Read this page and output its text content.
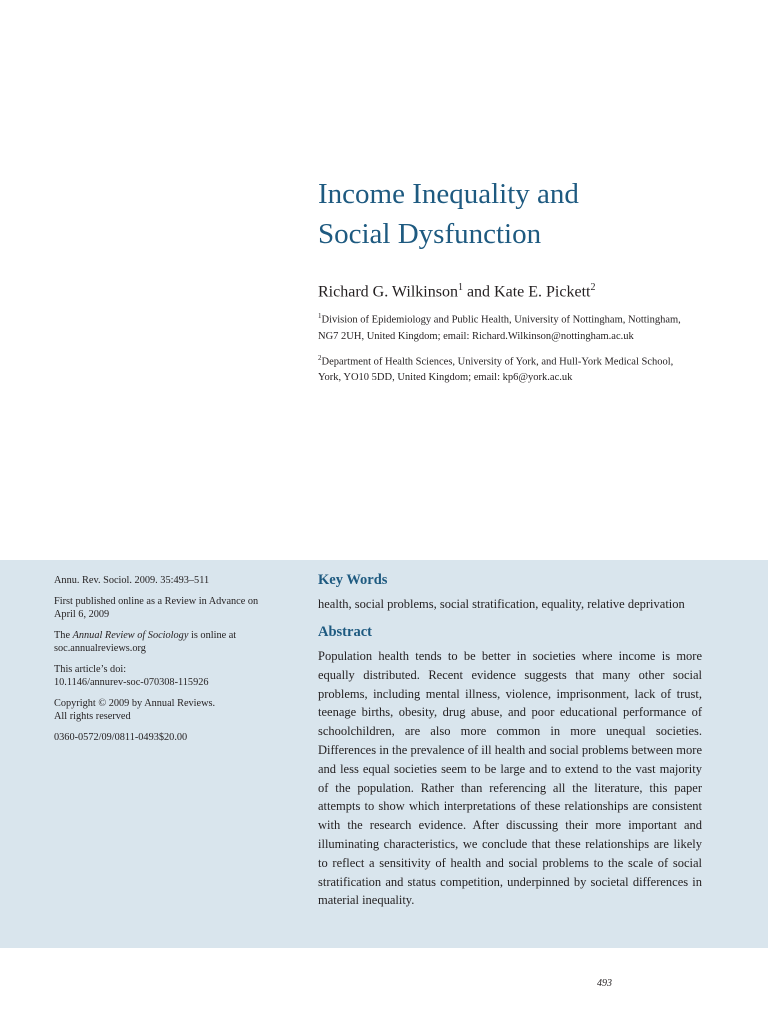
Income Inequality and
Social Dysfunction
Richard G. Wilkinson$^1$ and Kate E. Pickett$^2$

$^1$Division of Epidemiology and Public Health, University of Nottingham, Nottingham, NG7 2UH, United Kingdom; email: Richard.Wilkinson@nottingham.ac.uk

$^2$Department of Health Sciences, University of York, and Hull-York Medical School, York, YO10 5DD, United Kingdom; email: kp6@york.ac.uk

Annu. Rev. Sociol. 2009. 35:493–511

First published online as a Review in Advance on April 6, 2009

The Annual Review of Sociology is online at soc.annualreviews.org

This article’s doi:
10.1146/annurev-soc-070308-115926

Copyright © 2009 by Annual Reviews.
All rights reserved

0360-0572/09/0811-0493$20.00

Key Words

health, social problems, social stratification, equality, relative deprivation

Abstract

Population health tends to be better in societies where income is more equally distributed. Recent evidence suggests that many other social problems, including mental illness, violence, imprisonment, lack of trust, teenage births, obesity, drug abuse, and poor educational performance of schoolchildren, are also more common in more unequal societies. Differences in the prevalence of ill health and social problems between more and less equal societies seem to be large and to extend to the vast majority of the population. Rather than referencing all the literature, this paper attempts to show which interpretations of these relationships are consistent with the research evidence. After discussing their more important and illuminating characteristics, we conclude that these relationships are likely to reflect a sensitivity of health and social problems to the scale of social stratification and status competition, underpinned by societal differences in material inequality.

493
